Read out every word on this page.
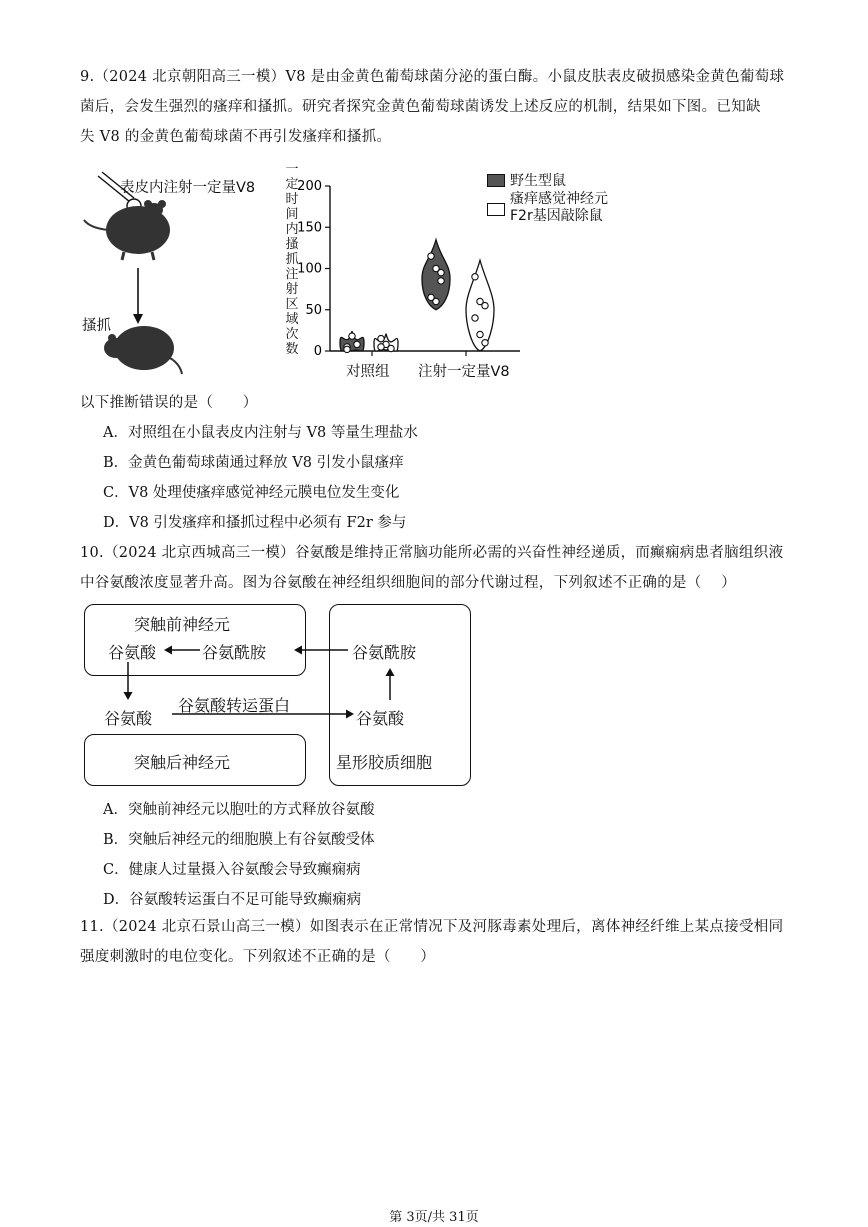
9.（2024 北京朝阳高三一模）V8 是由金黄色葡萄球菌分泌的蛋白酶。小鼠皮肤表皮破损感染金黄色葡萄球
菌后，会发生强烈的瘙痒和搔抓。研究者探究金黄色葡萄球菌诱发上述反应的机制，结果如下图。已知缺
失 V8 的金黄色葡萄球菌不再引发瘙痒和搔抓。
表皮内注射一定量V8
搔抓
一定时间内搔抓注射区域次数 0
50
100
150
200
对照组 注射一定量V8
野生型鼠
瘙痒感觉神经元
F2r基因敲除鼠
以下推断错误的是（　　）
A．对照组在小鼠表皮内注射与 V8 等量生理盐水
B．金黄色葡萄球菌通过释放 V8 引发小鼠瘙痒
C．V8 处理使瘙痒感觉神经元膜电位发生变化
D．V8 引发瘙痒和搔抓过程中必须有 F2r 参与
10.（2024 北京西城高三一模）谷氨酸是维持正常脑功能所必需的兴奋性神经递质，而癫痫病患者脑组织液
中谷氨酸浓度显著升高。图为谷氨酸在神经组织细胞间的部分代谢过程，下列叙述不正确的是（　 ）
突触前神经元
谷氨酸	谷氨酰胺	谷氨酰胺
谷氨酸
谷氨酸转运蛋白
谷氨酸
突触后神经元	星形胶质细胞
A．突触前神经元以胞吐的方式释放谷氨酸
B．突触后神经元的细胞膜上有谷氨酸受体
C．健康人过量摄入谷氨酸会导致癫痫病
D．谷氨酸转运蛋白不足可能导致癫痫病
11.（2024 北京石景山高三一模）如图表示在正常情况下及河豚毒素处理后，离体神经纤维上某点接受相同
强度刺激时的电位变化。下列叙述不正确的是（　　）
第 3页/共 31页
